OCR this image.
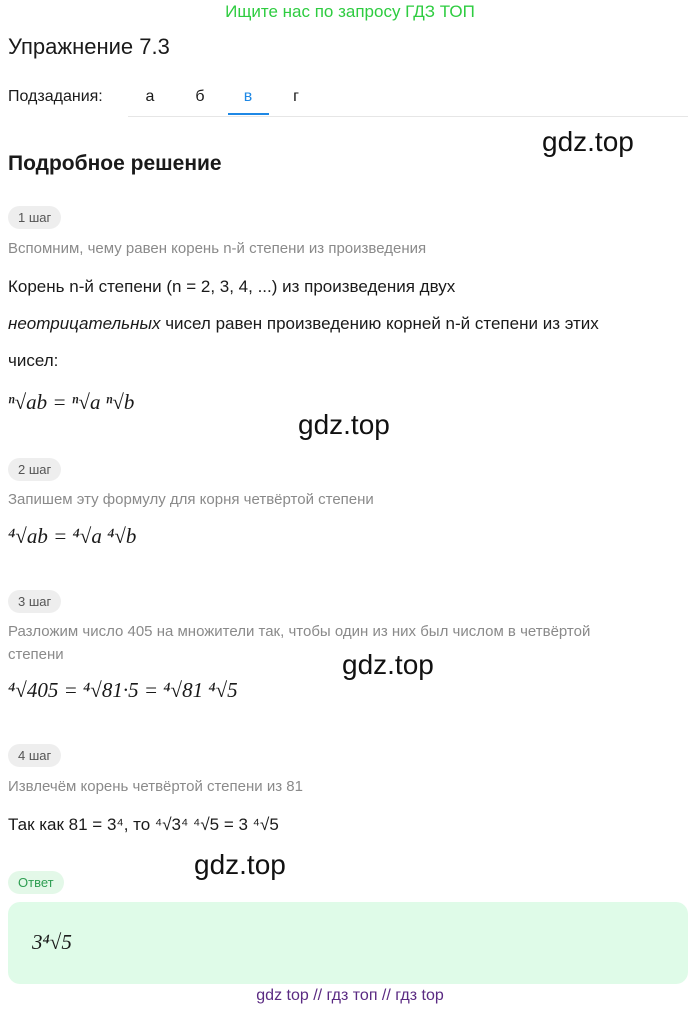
Ищите нас по запросу ГДЗ ТОП
Упражнение 7.3
Подзадания:	а	б	в	г
gdz.top
Подробное решение
1 шаг
Вспомним, чему равен корень n-й степени из произведения
Корень n-й степени (n = 2, 3, 4, ...) из произведения двух
неотрицательных чисел равен произведению корней n-й степени из этих
чисел:
ⁿ√ab = ⁿ√a ⁿ√b
gdz.top
2 шаг
Запишем эту формулу для корня четвёртой степени
⁴√ab = ⁴√a ⁴√b
3 шаг
Разложим число 405 на множители так, чтобы один из них был числом в четвёртой
степени
⁴√405 = ⁴√81·5 = ⁴√81 ⁴√5
gdz.top
4 шаг
Извлечём корень четвёртой степени из 81
Так как 81 = 3⁴, то ⁴√3⁴ ⁴√5 = 3 ⁴√5
gdz.top
Ответ
3⁴√5
gdz top // гдз топ // гдз top
